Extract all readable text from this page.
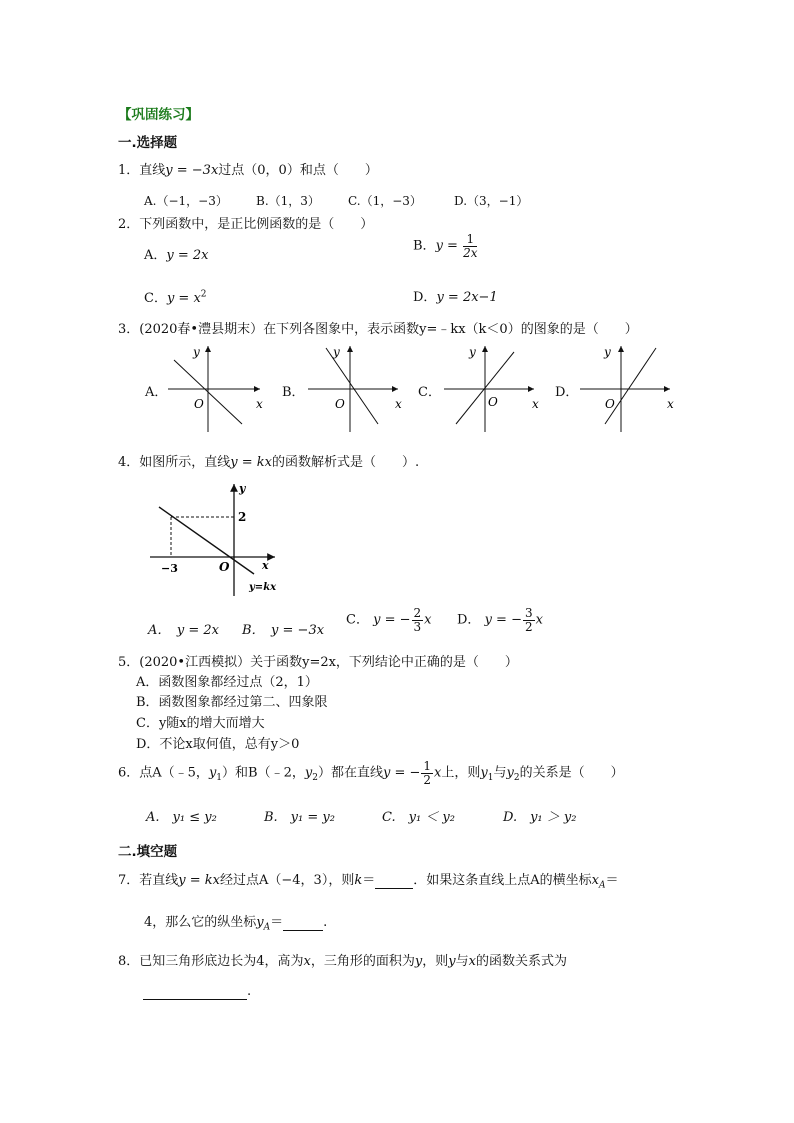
【巩固练习】
一.选择题
1．直线y = −3x过点（0，0）和点（　　）
A.（−1，−3） B.（1，3） C.（1，−3）	D.（3，−1）
2．下列函数中，是正比例函数的是（　　）
A．y = 2x
B．$y = \frac{1}{2x}$
C．$y = x^2$	D．y = 2x−1
3．(2020春•澧县期末）在下列各图象中，表示函数y=﹣kx（k＜0）的图象的是（　　）
A．	B．	C．	D．
y
O	x
y
O	x
y
O	x
y
O	x
4．如图所示，直线y = kx的函数解析式是（　　）.
y
2
−3	O	x
y=kx
A．　y = 2x B．　y = −3x
C． y = − $\frac{2}{3}$ x D． y = − $\frac{3}{2}$ x
5．(2020•江西模拟）关于函数y=2x，下列结论中正确的是（　　）
A．函数图象都经过点（2，1）
B．函数图象都经过第二、四象限
C．y随x的增大而增大
D．不论x取何值，总有y＞0
6．点A（﹣5，$y_1$）和B（﹣2，$y_2$）都在直线y = − $\frac{1}{2}$ x上，则$y_1$与$y_2$的关系是（　　）
A.　y₁ ≤ y₂	B.　y₁ = y₂	C.　y₁ ＜ y₂	D.　y₁ ＞ y₂
二.填空题
7．若直线y = kx经过点A（−4，3），则k＝	．如果这条直线上点A的横坐标$x_A=$
4，那么它的纵坐标$y_A=$	.
8．已知三角形底边长为4，高为x，三角形的面积为y，则y与x的函数关系式为
.
